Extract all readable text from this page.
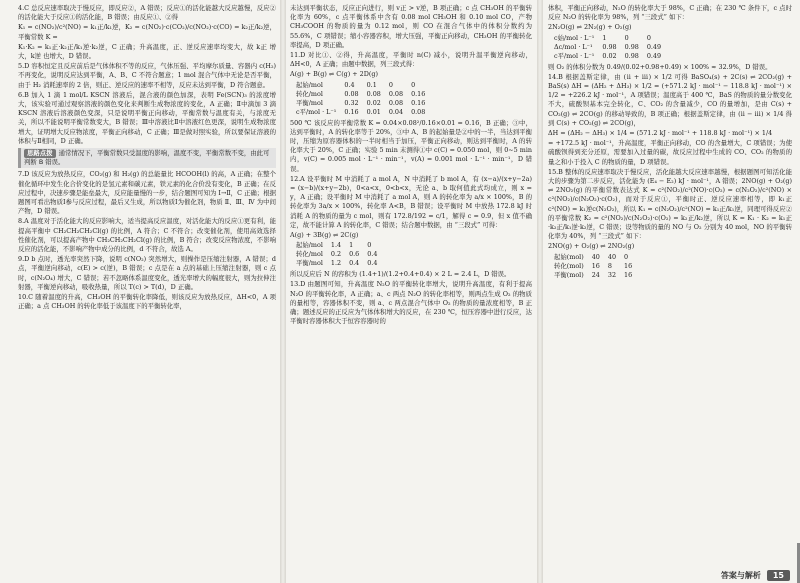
4.C 总反应速率取决于慢反应，即反应②，A 错误；反应①的活化能越大反应越慢，反应②的活化能大于反应①的活化能，B 错误；由反应①、②得

K₁ = c(NO₂)/c²(NO) = k₁正/k₁逆，K₂ = c(NO₂)·c(CO₂)/c(NO₂)·c(CO) = k₂正/k₂逆，平衡常数 K =

K₁·K₂ = k₁正·k₂正/k₁逆·k₂逆，C 正确；升高温度，正、逆反应速率均变大，故 k正 增大，k逆 也增大，D 错误。

5.D 容积恒定且反应前后是气体体积不等的反应，气体压强、平均摩尔质量、容器内 c(H₂) 不再变化，说明反应达到平衡，A、B、C 不符合题意；1 mol 混合气体中无论是否平衡，由于 H₂ 消耗速率的 2 倍，则正、逆反应的速率不相等，反应未达到平衡，D 符合题意。

6.B 加入 1 滴 1 mol/L KSCN 溶液后，混合液的颜色加深，表明 Fe(SCN)₃ 的浓度增大，该实验可通过观察溶液的颜色变化来判断生成物浓度的变化，A 正确；Ⅱ中滴加 3 滴 KSCN 溶液后溶液颜色变深，只是说明平衡正向移动，平衡常数与温度有关，与浓度无关，所以不能说明平衡常数变大，B 错误；Ⅲ中溶液比Ⅱ中溶液红色更深，说明生成物浓度增大，证明增大反应物浓度，平衡正向移动，C 正确；Ⅲ是做对照实验，所以要保证溶液的体积与Ⅱ相同，D 正确。

思路点拨 通常情况下，平衡常数只受温度的影响，温度不变，平衡常数不变，由此可判断 B 错误。

7.D 该反应为放热反应，CO₂(g) 和 H₂(g) 的总能量比 HCOOH(l) 的高，A 正确；在整个催化循环中发生化合价变化的是氢元素和碳元素，铁元素的化合价没有变化，B 正确；在反应过程中，决速步骤是能垒最大，反应能量慢的一步，结合题图可知为 Ⅰ→Ⅱ，C 正确；根据题图可看出物质Ⅰ参与反应过程，最后又生成，所以物质Ⅰ为催化剂，物质 Ⅱ、Ⅲ、Ⅳ 为中间产物，D 错误。

8.A 温度对于活化能大的反应影响大，适当提高反应温度，对活化能大的反应①更有利，能提高平衡中 CH₂CH₂CH₂Cl(g) 的比例，A 符合；C 不符合；改变催化剂，使用高效选择性催化剂，可以提高产物中 CH₂CH₂CH₂Cl(g) 的比例，B 符合；改变反应物浓度，不影响反应的活化能，不影响产物中成分的比例，d 不符合，故选 A。

9.D b 点时，透光率突然下降，说明 c(NO₂) 突然增大，则操作是压缩注射器，A 错误；d 点，平衡逆向移动，c(E) > c(逆)，B 错误；c 点是在 a 点的基础上压缩注射器，则 c 点时，c(N₂O₄) 增大，C 错误；若不忽略体系温度变化，透光率增大的幅度很大，则为拉伸注射器，平衡逆向移动，吸收热量，所以 T(c) > T(d)，D 正确。

10.C 随着温度的升高，CH₃OH 的平衡转化率降低，则该反应为放热反应，ΔH<0，A 项正确；a 点 CH₃OH 的转化率低于该温度下的平衡转化率，

未达到平衡状态，反应正向进行，则 v正 > v逆，B 项正确；c 点 CH₃OH 的平衡转化率为 60%，c 点平衡体系中含有 0.08 mol CH₃OH 和 0.10 mol CO，产物 CH₃COOH 的物质的量为 0.12 mol，则 CO 在混合气体中的体积分数约为 55.6%，C 项错误；缩小容器容积，增大压强，平衡正向移动，CH₃OH 的平衡转化率提高，D 项正确。

11.D 对比①、②得，升高温度，平衡时 n(C) 减小，说明升温平衡逆向移动，ΔH<0，A 正确；由题中数据，列三段式得：

A(g) + B(g) ⇌ C(g) + 2D(g)

起始/mol	0.4	0.1	0	0
转化/mol	0.08	0.08	0.08	0.16
平衡/mol	0.32	0.02	0.08	0.16
c平/mol · L⁻¹	0.16	0.01	0.04	0.08

500 ℃ 该反应的平衡常数 K = 0.04×0.08²/0.16×0.01 = 0.16，B 正确；③中，达到平衡时，A 的转化率等于 20%，③中 A、B 的起始量是②中的一半，当达到平衡时，压缩为原容器体积的一半时相当于加压，平衡正向移动，则达到平衡时，A 的转化率大于 20%，C 正确；实验 5 min 末测得①中 c(C) = 0.050 mol，则 0~5 min 内，v(C) = 0.005 mol · L⁻¹ · min⁻¹，v(A) = 0.001 mol · L⁻¹ · min⁻¹，D 错误。

12.A 设平衡时 M 中消耗了 a mol A，N 中消耗了 b mol A，有 (x−a)/(x+y−2a) = (x−b)/(x+y−2b)，0<a<x，0<b<x，无论 a、b 取何值此式均成立，则 x = y，A 正确；设平衡时 M 中消耗了 a mol A，则 A 的转化率为 a/x × 100%，B 的转化率为 3a/x × 100%，转化率 A<B，B 错误；设平衡时 M 中放热 172.8 kJ 时消耗 A 的物质的量为 c mol，则有 172.8/192 = c/1，解得 c = 0.9，但 x 值不确定，故不能计算 A 的转化率，C 错误；结合题中数据，由 “三段式” 可得：

A(g) + 3B(g) ⇌ 2C(g)

起始/mol	1.4	1	0
转化/mol	0.2	0.6	0.4
平衡/mol	1.2	0.4	0.4

所以反应后 N 的容积为 (1.4+1)/(1.2+0.4+0.4) × 2 L = 2.4 L，D 错误。

13.D 由题图可知，升高温度 N₂O 的平衡转化率增大，说明升高温度，有利于提高 N₂O 的平衡转化率，A 正确；a、c 两点 N₂O 的转化率相等，则两点生成 O₂ 的物质的量相等，容器体积不变，则 a、c 两点混合气体中 O₂ 的物质的量浓度相等，B 正确；题述反应的正反应为气体体积增大的反应，在 230 ℃，恒压容器中进行反应，达平衡时容器体积大于恒容容器时的

体积，平衡正向移动，N₂O 的转化率大于 98%，C 正确；在 230 ℃ 条件下，c 点时反应 N₂O 的转化率为 98%，列 “三段式” 如下：

2N₂O(g) ⇌ 2N₂(g) + O₂(g)

c始/mol · L⁻¹	1	0	0
Δc/mol · L⁻¹	0.98	0.98	0.49
c平/mol · L⁻¹	0.02	0.98	0.49

则 O₂ 的体积分数为 0.49/(0.02+0.98+0.49) × 100% ≈ 32.9%，D 错误。

14.B 根据盖斯定律，由 (ⅱ + ⅲ) × 1/2 可得 BaSO₄(s) + 2C(s) ⇌ 2CO₂(g) + BaS(s) ΔH = (ΔH₂ + ΔH₃) × 1/2 = (+571.2 kJ · mol⁻¹ − 118.8 kJ · mol⁻¹) × 1/2 = +226.2 kJ · mol⁻¹，A 项错误；温度高于 400 ℃，BaS 的物质的量分数变化不大，硫酸钡基本完全转化，C、CO₂ 的含量减少，CO 的量增加，是由 C(s) + CO₂(g) ⇌ 2CO(g) 的移动导致的，B 项正确；根据盖斯定律，由 (ⅱ − ⅲ) × 1/4 得到 C(s) + CO₂(g) ⇌ 2CO(g)，

ΔH = (ΔH₂ − ΔH₃) × 1/4 = (571.2 kJ · mol⁻¹ + 118.8 kJ · mol⁻¹) × 1/4

= +172.5 kJ · mol⁻¹，升高温度，平衡正向移动，CO 的含量增大，C 项错误；为使硫酸钡得到充分还原，需要加入过量的碳，故反应过程中生成的 CO、CO₂ 的物质的量之和小于投入 C 的物质的量，D 项错误。

15.B 整体的反应速率取决于慢反应，活化能越大反应速率越慢，根据题图可知活化能大的步骤为第二步反应，活化能为 (E₄ − E₂) kJ · mol⁻¹，A 错误；2NO(g) + O₂(g) ⇌ 2NO₂(g) 的平衡常数表达式 K = c²(NO₂)/c²(NO)·c(O₂) = c(N₂O₂)/c²(NO) × c²(NO₂)/c(N₂O₂)·c(O₂)，而对于反应①，平衡时正、逆反应速率相等，即 k₁正c²(NO) = k₁逆c(N₂O₂)，所以 K₁ = c(N₂O₂)/c²(NO) = k₁正/k₁逆，同理可得反应②的平衡常数 K₂ = c²(NO₂)/c(N₂O₂)·c(O₂) = k₂正/k₂逆，所以 K = K₁ · K₂ = k₁正·k₂正/k₁逆·k₂逆，C 错误；设等物质的量的 NO 与 O₂ 分别为 40 mol，NO 的平衡转化率为 40%，列 “三段式” 如下：

2NO(g) + O₂(g) ⇌ 2NO₂(g)

起始(mol)	40	40	0
转化(mol)	16	8	16
平衡(mol)	24	32	16
答案与解析	15
